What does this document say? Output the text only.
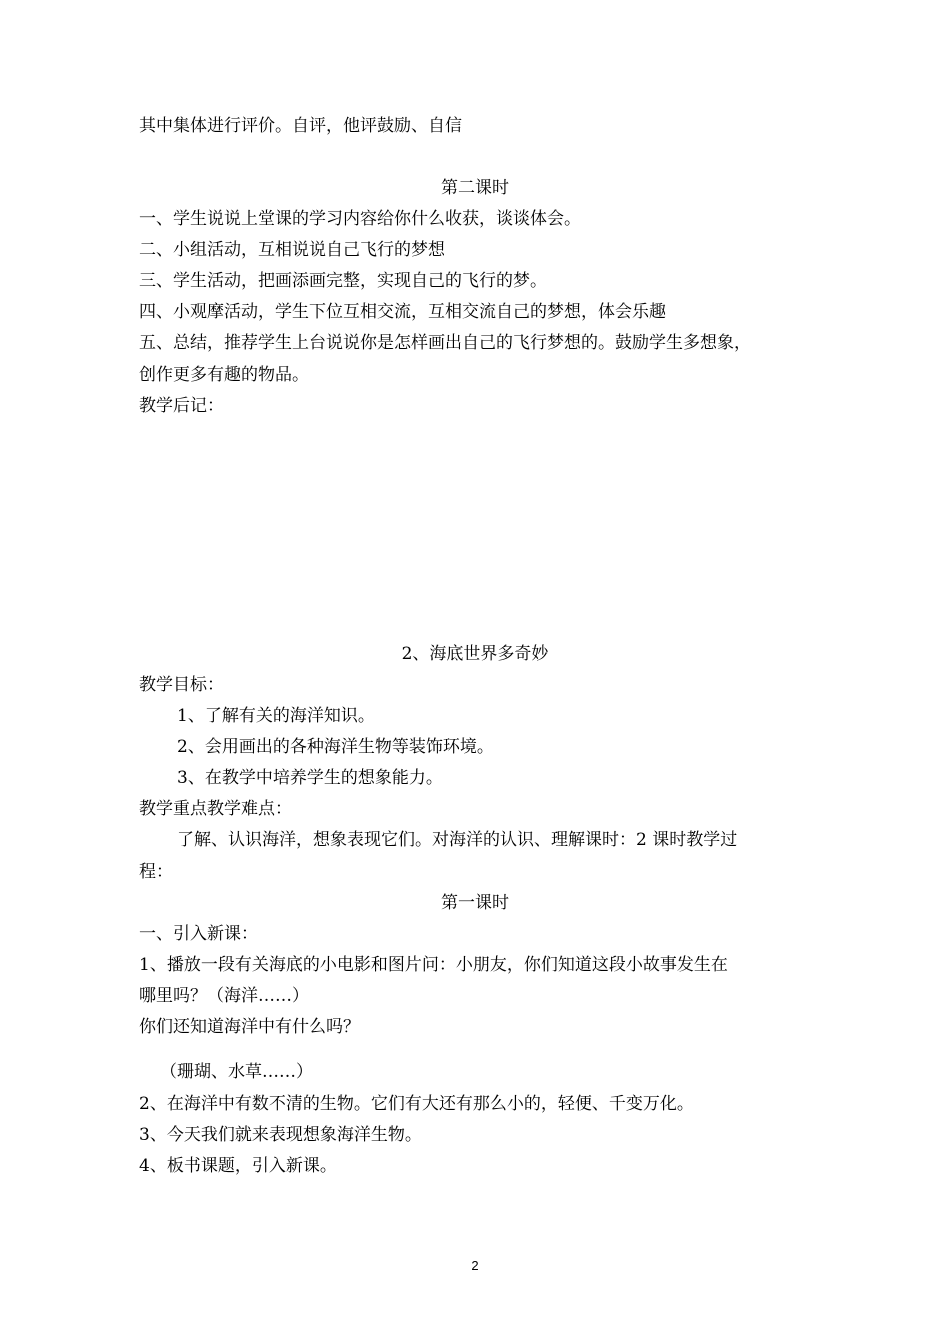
其中集体进行评价。自评，他评鼓励、自信
第二课时
一、学生说说上堂课的学习内容给你什么收获，谈谈体会。
二、小组活动，互相说说自己飞行的梦想
三、学生活动，把画添画完整，实现自己的飞行的梦。
四、小观摩活动，学生下位互相交流，互相交流自己的梦想，体会乐趣
五、总结，推荐学生上台说说你是怎样画出自己的飞行梦想的。鼓励学生多想象，
创作更多有趣的物品。
教学后记：
2、海底世界多奇妙
教学目标：
1、了解有关的海洋知识。
2、会用画出的各种海洋生物等装饰环境。
3、在教学中培养学生的想象能力。
教学重点教学难点：
了解、认识海洋，想象表现它们。对海洋的认识、理解课时：2 课时教学过
程：
第一课时
一、引入新课：
1、播放一段有关海底的小电影和图片问：小朋友，你们知道这段小故事发生在
哪里吗？（海洋……）
你们还知道海洋中有什么吗？
（珊瑚、水草……）
2、在海洋中有数不清的生物。它们有大还有那么小的，轻便、千变万化。
3、今天我们就来表现想象海洋生物。
4、板书课题，引入新课。
2
